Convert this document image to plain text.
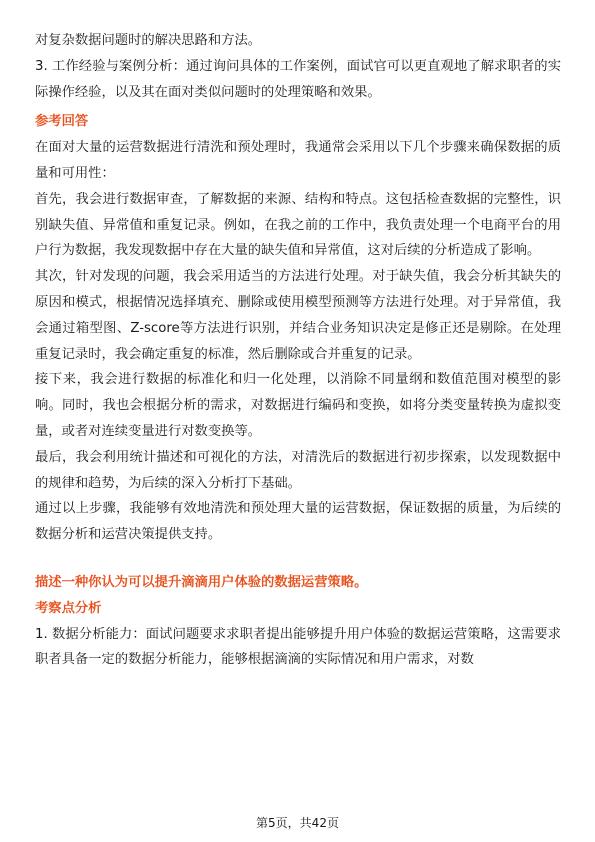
对复杂数据问题时的解决思路和方法。

3. 工作经验与案例分析：通过询问具体的工作案例，面试官可以更直观地了解求职者的实际操作经验，以及其在面对类似问题时的处理策略和效果。

参考回答

在面对大量的运营数据进行清洗和预处理时，我通常会采用以下几个步骤来确保数据的质量和可用性：

首先，我会进行数据审查，了解数据的来源、结构和特点。这包括检查数据的完整性，识别缺失值、异常值和重复记录。例如，在我之前的工作中，我负责处理一个电商平台的用户行为数据，我发现数据中存在大量的缺失值和异常值，这对后续的分析造成了影响。

其次，针对发现的问题，我会采用适当的方法进行处理。对于缺失值，我会分析其缺失的原因和模式，根据情况选择填充、删除或使用模型预测等方法进行处理。对于异常值，我会通过箱型图、Z-score等方法进行识别，并结合业务知识决定是修正还是剔除。在处理重复记录时，我会确定重复的标准，然后删除或合并重复的记录。

接下来，我会进行数据的标准化和归一化处理，以消除不同量纲和数值范围对模型的影响。同时，我也会根据分析的需求，对数据进行编码和变换，如将分类变量转换为虚拟变量，或者对连续变量进行对数变换等。

最后，我会利用统计描述和可视化的方法，对清洗后的数据进行初步探索，以发现数据中的规律和趋势，为后续的深入分析打下基础。

通过以上步骤，我能够有效地清洗和预处理大量的运营数据，保证数据的质量，为后续的数据分析和运营决策提供支持。

描述一种你认为可以提升滴滴用户体验的数据运营策略。

考察点分析

1. 数据分析能力：面试问题要求求职者提出能够提升用户体验的数据运营策略，这需要求职者具备一定的数据分析能力，能够根据滴滴的实际情况和用户需求，对数

第5页，共42页
